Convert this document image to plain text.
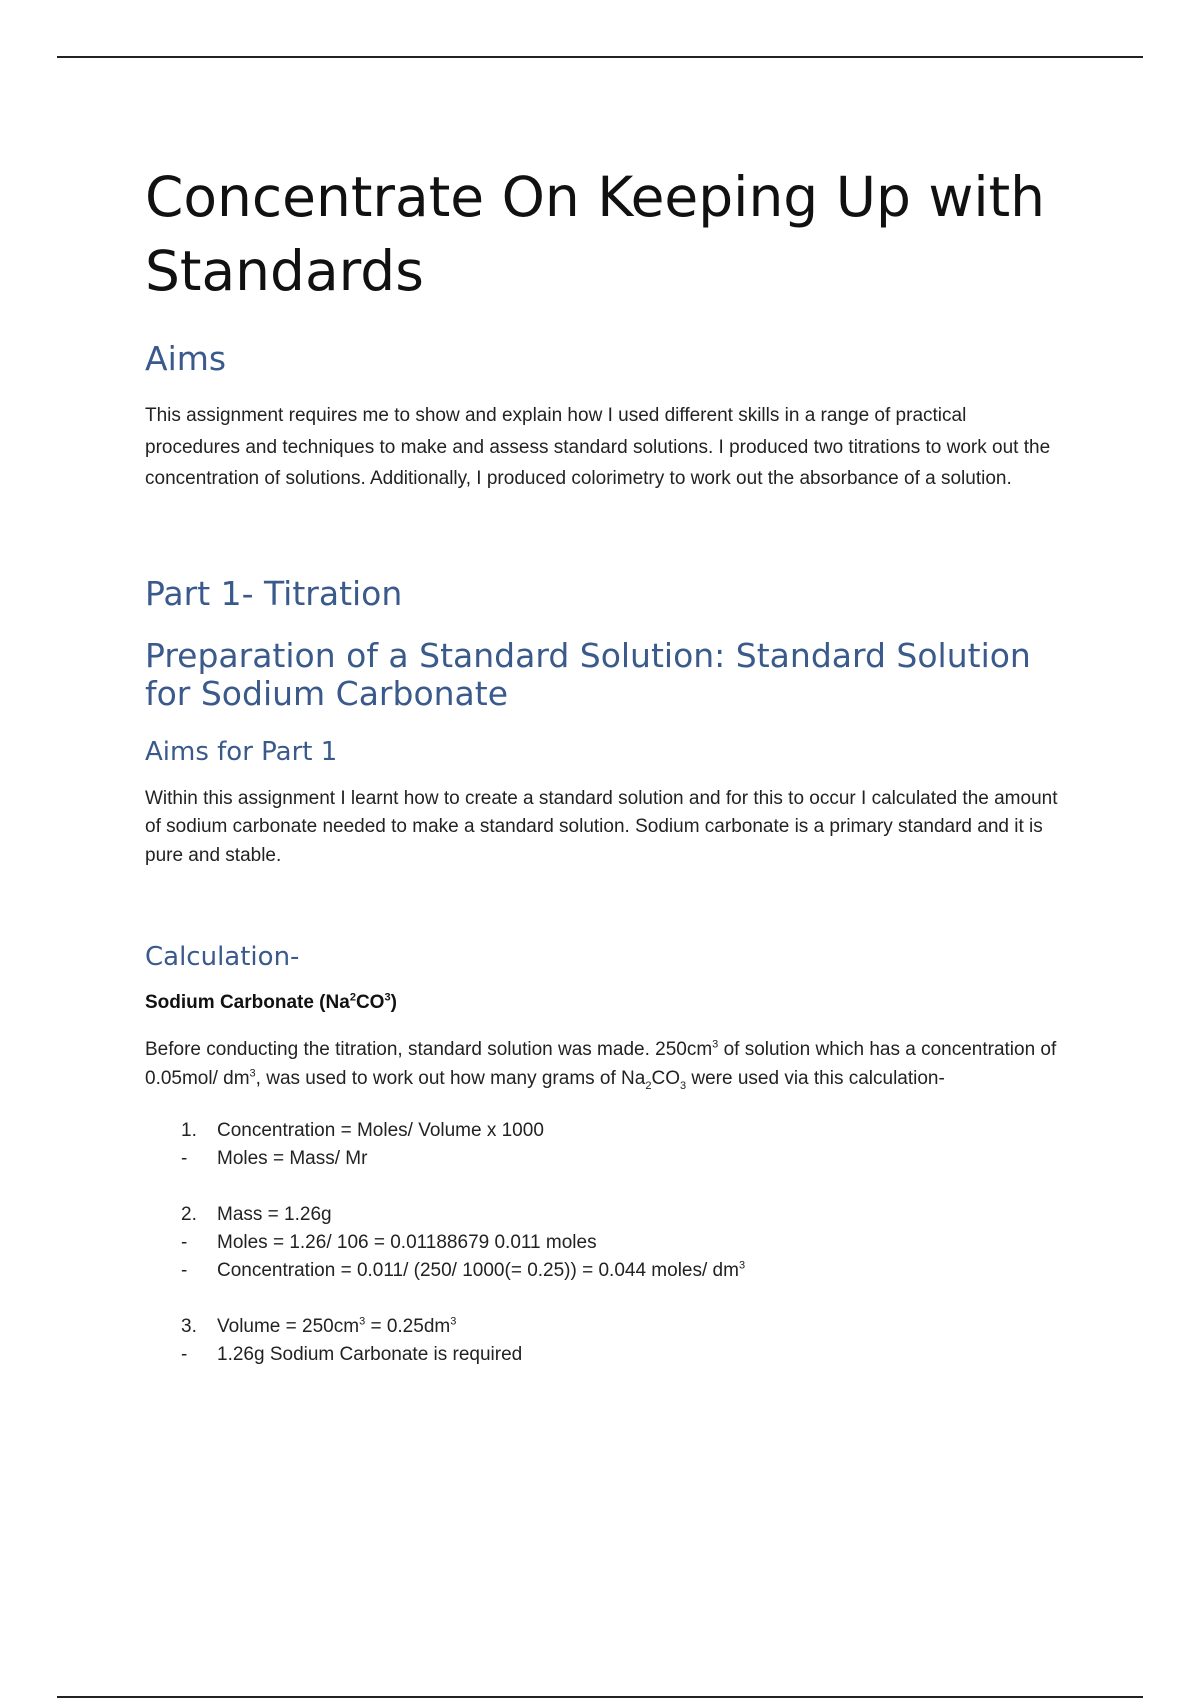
Concentrate On Keeping Up with Standards
Aims

This assignment requires me to show and explain how I used different skills in a range of practical procedures and techniques to make and assess standard solutions. I produced two titrations to work out the concentration of solutions. Additionally, I produced colorimetry to work out the absorbance of a solution.

Part 1- Titration
Preparation of a Standard Solution: Standard Solution for Sodium Carbonate
Aims for Part 1

Within this assignment I learnt how to create a standard solution and for this to occur I calculated the amount of sodium carbonate needed to make a standard solution. Sodium carbonate is a primary standard and it is pure and stable.

Calculation-

Sodium Carbonate $(Na^2CO^3)$

Before conducting the titration, standard solution was made. $250cm^3$ of solution which has a concentration of 0.05mol/ $dm^3$, was used to work out how many grams of $Na_2CO_3$ were used via this calculation-

1. Concentration = Moles/ Volume x 1000
- Moles = Mass/ Mr
2. Mass = 1.26g
- Moles = 1.26/ 106 = 0.01188679 0.011 moles
- Concentration = 0.011/ (250/ 1000(= 0.25)) = 0.044 moles/ $dm^3$
3. Volume = $250cm^3 = 0.25dm^3$
- 1.26g Sodium Carbonate is required
